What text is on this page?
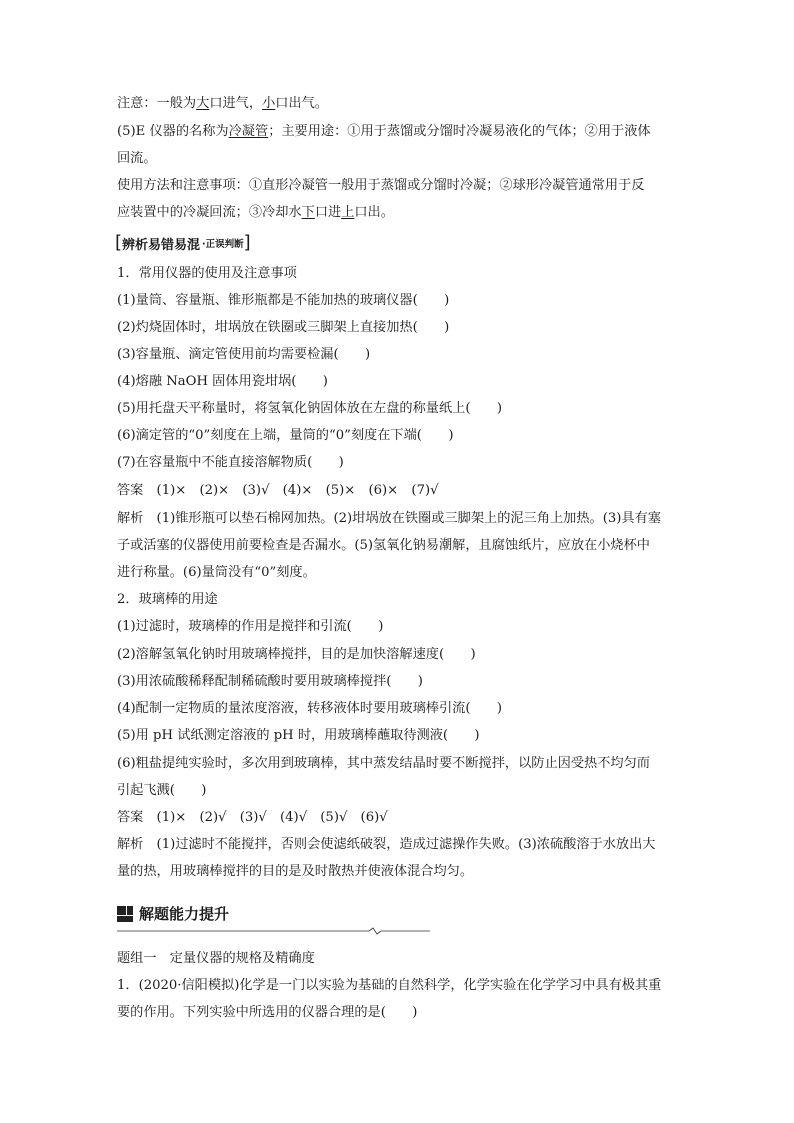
注意：一般为大口进气，小口出气。
(5)E 仪器的名称为冷凝管；主要用途：①用于蒸馏或分馏时冷凝易液化的气体；②用于液体
回流。
使用方法和注意事项：①直形冷凝管一般用于蒸馏或分馏时冷凝；②球形冷凝管通常用于反
应装置中的冷凝回流；③冷却水下口进上口出。
[ 辨析易错易混 ·正误判断 ]
1．常用仪器的使用及注意事项
(1)量筒、容量瓶、锥形瓶都是不能加热的玻璃仪器(　　)
(2)灼烧固体时，坩埚放在铁圈或三脚架上直接加热(　　)
(3)容量瓶、滴定管使用前均需要检漏(　　)
(4)熔融 NaOH 固体用瓷坩埚(　　)
(5)用托盘天平称量时，将氢氧化钠固体放在左盘的称量纸上(　　)
(6)滴定管的“0”刻度在上端，量筒的“0”刻度在下端(　　)
(7)在容量瓶中不能直接溶解物质(　　)
答案　(1)×　(2)×　(3)√　(4)×　(5)×　(6)×　(7)√
解析　(1)锥形瓶可以垫石棉网加热。(2)坩埚放在铁圈或三脚架上的泥三角上加热。(3)具有塞
子或活塞的仪器使用前要检查是否漏水。(5)氢氧化钠易潮解，且腐蚀纸片，应放在小烧杯中
进行称量。(6)量筒没有“0”刻度。
2．玻璃棒的用途
(1)过滤时，玻璃棒的作用是搅拌和引流(　　)
(2)溶解氢氧化钠时用玻璃棒搅拌，目的是加快溶解速度(　　)
(3)用浓硫酸稀释配制稀硫酸时要用玻璃棒搅拌(　　)
(4)配制一定物质的量浓度溶液，转移液体时要用玻璃棒引流(　　)
(5)用 pH 试纸测定溶液的 pH 时，用玻璃棒蘸取待测液(　　)
(6)粗盐提纯实验时，多次用到玻璃棒，其中蒸发结晶时要不断搅拌，以防止因受热不均匀而
引起飞溅(　　)
答案　(1)×　(2)√　(3)√　(4)√　(5)√　(6)√
解析　(1)过滤时不能搅拌，否则会使滤纸破裂，造成过滤操作失败。(3)浓硫酸溶于水放出大
量的热，用玻璃棒搅拌的目的是及时散热并使液体混合均匀。
解题能力提升
题组一　定量仪器的规格及精确度
1．(2020·信阳模拟)化学是一门以实验为基础的自然科学，化学实验在化学学习中具有极其重
要的作用。下列实验中所选用的仪器合理的是(　　)
